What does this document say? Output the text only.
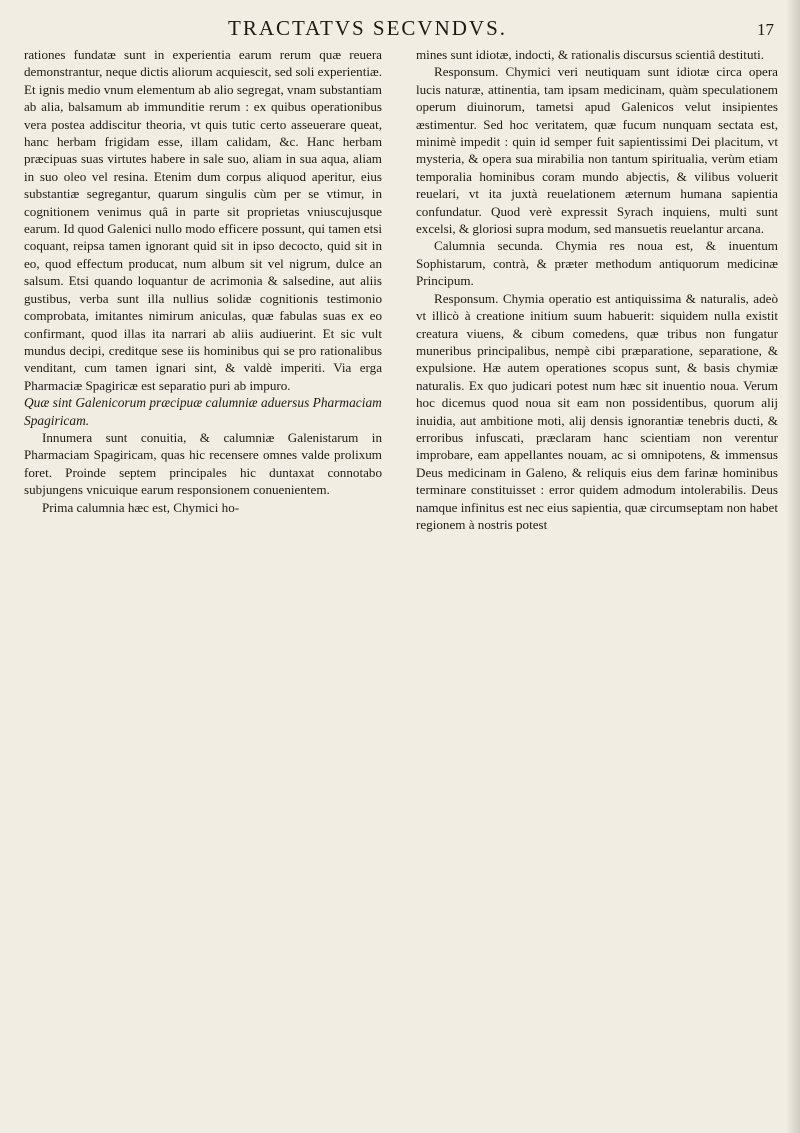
TRACTATVS SECVNDVS.	17

rationes fundatæ sunt in experientia earum rerum quæ reuera demonstrantur, neque dictis aliorum acquiescit, sed soli experientiæ. Et ignis medio vnum elementum ab alio segregat, vnam substantiam ab alia, balsamum ab immunditie rerum : ex quibus operationibus vera postea addiscitur theoria, vt quis tutic certo asseuerare queat, hanc herbam frigidam esse, illam calidam, &c. Hanc herbam præcipuas suas virtutes habere in sale suo, aliam in sua aqua, aliam in suo oleo vel resina. Etenim dum corpus aliquod aperitur, eius substantiæ segregantur, quarum singulis cùm per se vtimur, in cognitionem venimus quâ in parte sit proprietas vniuscujusque earum. Id quod Galenici nullo modo efficere possunt, qui tamen etsi coquant, reipsa tamen ignorant quid sit in ipso decocto, quid sit in eo, quod effectum producat, num album sit vel nigrum, dulce an salsum. Etsi quando loquantur de acrimonia & salsedine, aut aliis gustibus, verba sunt illa nullius solidæ cognitionis testimonio comprobata, imitantes nimirum aniculas, quæ fabulas suas ex eo confirmant, quod illas ita narrari ab aliis audiuerint. Et sic vult mundus decipi, creditque sese iis hominibus qui se pro rationalibus venditant, cum tamen ignari sint, & valdè imperiti. Via erga Pharmaciæ Spagiricæ est separatio puri ab impuro.

Quæ sint Galenicorum præcipuæ calumniæ aduersus Pharmaciam Spagiricam.

Innumera sunt conuitia, & calumniæ Galenistarum in Pharmaciam Spagiricam, quas hic recensere omnes valde prolixum foret. Proinde septem principales hic duntaxat connotabo subjungens vnicuique earum responsionem conuenientem.

Prima calumnia hæc est, Chymici ho-

mines sunt idiotæ, indocti, & rationalis discursus scientiâ destituti.

Responsum. Chymici veri neutiquam sunt idiotæ circa opera lucis naturæ, attinentia, tam ipsam medicinam, quàm speculationem operum diuinorum, tametsi apud Galenicos velut insipientes æstimentur. Sed hoc veritatem, quæ fucum nunquam sectata est, minimè impedit : quin id semper fuit sapientissimi Dei placitum, vt mysteria, & opera sua mirabilia non tantum spiritualia, verùm etiam temporalia hominibus coram mundo abjectis, & vilibus voluerit reuelari, vt ita juxtà reuelationem æternum humana sapientia confundatur. Quod verè expressit Syrach inquiens, multi sunt excelsi, & gloriosi supra modum, sed mansuetis reuelantur arcana.

Calumnia secunda. Chymia res noua est, & inuentum Sophistarum, contrà, & præter methodum antiquorum medicinæ Principum.

Responsum. Chymia operatio est antiquissima & naturalis, adeò vt illicò à creatione initium suum habuerit: siquidem nulla existit creatura viuens, & cibum comedens, quæ tribus non fungatur muneribus principalibus, nempè cibi præparatione, separatione, & expulsione. Hæ autem operationes scopus sunt, & basis chymiæ naturalis. Ex quo judicari potest num hæc sit inuentio noua. Verum hoc dicemus quod noua sit eam non possidentibus, quorum alij inuidia, aut ambitione moti, alij densis ignorantiæ tenebris ducti, & erroribus infuscati, præclaram hanc scientiam non verentur improbare, eam appellantes nouam, ac si omnipotens, & immensus Deus medicinam in Galeno, & reliquis eius dem farinæ hominibus terminare constituisset : error quidem admodum intolerabilis. Deus namque infinitus est nec eius sapientia, quæ circumseptam non habet regionem à nostris potest
